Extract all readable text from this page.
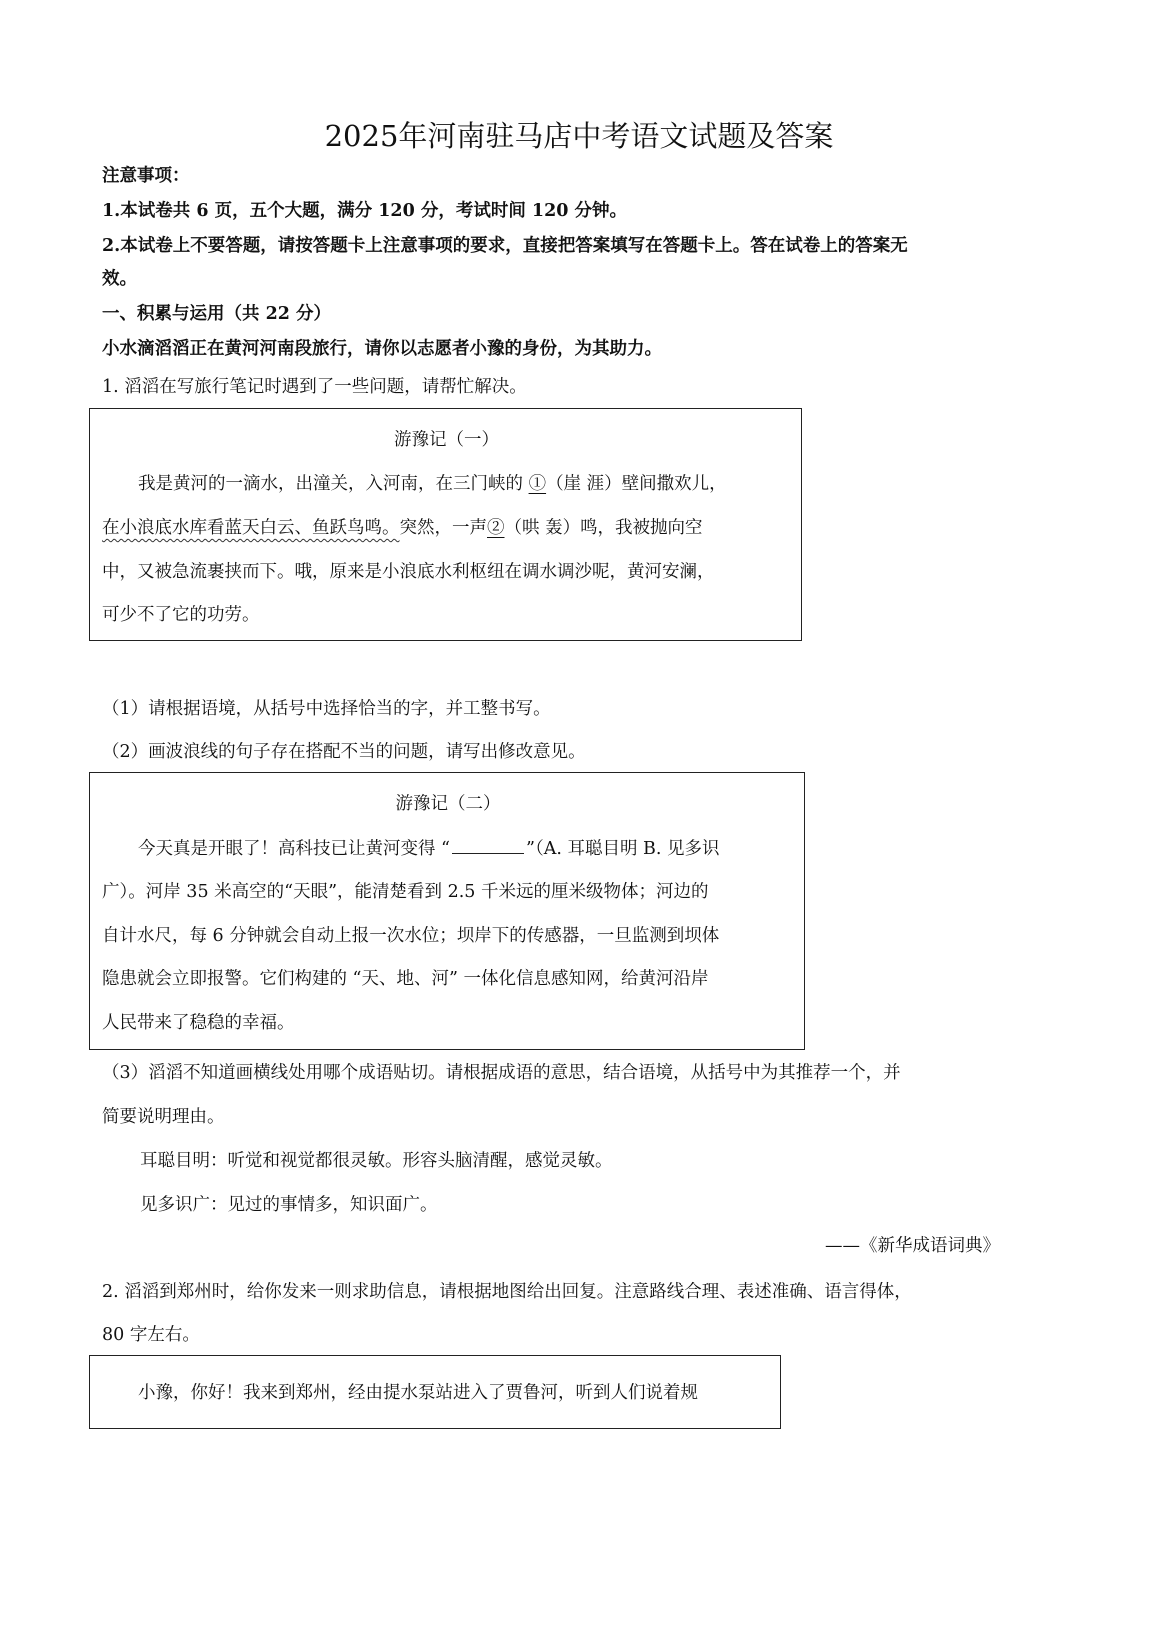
2025年河南驻马店中考语文试题及答案
注意事项：
1.本试卷共 6 页，五个大题，满分 120 分，考试时间 120 分钟。
2.本试卷上不要答题，请按答题卡上注意事项的要求，直接把答案填写在答题卡上。答在试卷上的答案无
效。
一、积累与运用（共 22 分）
小水滴滔滔正在黄河河南段旅行，请你以志愿者小豫的身份，为其助力。
1. 滔滔在写旅行笔记时遇到了一些问题，请帮忙解决。
游豫记（一）
我是黄河的一滴水，出潼关，入河南，在三门峡的 ①（崖 涯）壁间撒欢儿，
在小浪底水库看蓝天白云、鱼跃鸟鸣。突然，一声②（哄 轰）鸣，我被抛向空
中，又被急流裹挟而下。哦，原来是小浪底水利枢纽在调水调沙呢，黄河安澜，
可少不了它的功劳。
（1）请根据语境，从括号中选择恰当的字，并工整书写。
（2）画波浪线的句子存在搭配不当的问题，请写出修改意见。
游豫记（二）
今天真是开眼了！高科技已让黄河变得 “	”（A. 耳聪目明 B. 见多识
广）。河岸 35 米高空的“天眼”，能清楚看到 2.5 千米远的厘米级物体；河边的
自计水尺，每 6 分钟就会自动上报一次水位；坝岸下的传感器，一旦监测到坝体
隐患就会立即报警。它们构建的 “天、地、河” 一体化信息感知网，给黄河沿岸
人民带来了稳稳的幸福。
（3）滔滔不知道画横线处用哪个成语贴切。请根据成语的意思，结合语境，从括号中为其推荐一个，并
简要说明理由。
耳聪目明：听觉和视觉都很灵敏。形容头脑清醒，感觉灵敏。
见多识广：见过的事情多，知识面广。
——《新华成语词典》
2. 滔滔到郑州时，给你发来一则求助信息，请根据地图给出回复。注意路线合理、表述准确、语言得体，
80 字左右。
小豫，你好！我来到郑州，经由提水泵站进入了贾鲁河，听到人们说着规
